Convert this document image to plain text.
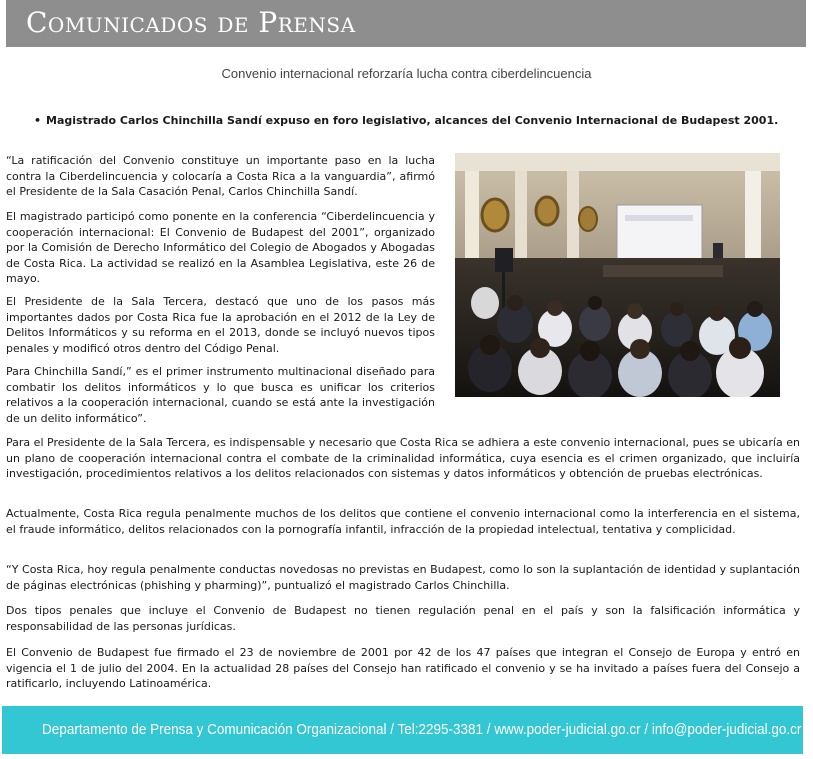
Comunicados de Prensa
Convenio internacional reforzaría lucha contra ciberdelincuencia
• Magistrado Carlos Chinchilla Sandí expuso en foro legislativo, alcances del Convenio Internacional de Budapest 2001.

“La ratificación del Convenio constituye un importante paso en la lucha contra la Ciberdelincuencia y colocaría a Costa Rica a la vanguardia”, afirmó el Presidente de la Sala Casación Penal, Carlos Chinchilla Sandí.

El magistrado participó como ponente en la conferencia “Ciberdelincuencia y cooperación internacional: El Convenio de Budapest del 2001”, organizado por la Comisión de Derecho Informático del Colegio de Abogados y Abogadas de Costa Rica. La actividad se realizó en la Asamblea Legislativa, este 26 de mayo.

El Presidente de la Sala Tercera, destacó que uno de los pasos más importantes dados por Costa Rica fue la aprobación en el 2012 de la Ley de Delitos Informáticos y su reforma en el 2013, donde se incluyó nuevos tipos penales y modificó otros dentro del Código Penal.

Para Chinchilla Sandí,” es el primer instrumento multinacional diseñado para combatir los delitos informáticos y lo que busca es unificar los criterios relativos a la cooperación internacional, cuando se está ante la investigación de un delito informático”.

Para el Presidente de la Sala Tercera, es indispensable y necesario que Costa Rica se adhiera a este convenio internacional, pues se ubicaría en un plano de cooperación internacional contra el combate de la criminalidad informática, cuya esencia es el crimen organizado, que incluiría investigación, procedimientos relativos a los delitos relacionados con sistemas y datos informáticos y obtención de pruebas electrónicas.

Actualmente, Costa Rica regula penalmente muchos de los delitos que contiene el convenio internacional como la interferencia en el sistema, el fraude informático, delitos relacionados con la pornografía infantil, infracción de la propiedad intelectual, tentativa y complicidad.

“Y Costa Rica, hoy regula penalmente conductas novedosas no previstas en Budapest, como lo son la suplantación de identidad y suplantación de páginas electrónicas (phishing y pharming)”, puntualizó el magistrado Carlos Chinchilla.

Dos tipos penales que incluye el Convenio de Budapest no tienen regulación penal en el país y son la falsificación informática y responsabilidad de las personas jurídicas.

El Convenio de Budapest fue firmado el 23 de noviembre de 2001 por 42 de los 47 países que integran el Consejo de Europa y entró en vigencia el 1 de julio del 2004. En la actualidad 28 países del Consejo han ratificado el convenio y se ha invitado a países fuera del Consejo a ratificarlo, incluyendo Latinoamérica.

Departamento de Prensa y Comunicación Organizacional / Tel:2295-3381 / www.poder-judicial.go.cr / info@poder-judicial.go.cr
